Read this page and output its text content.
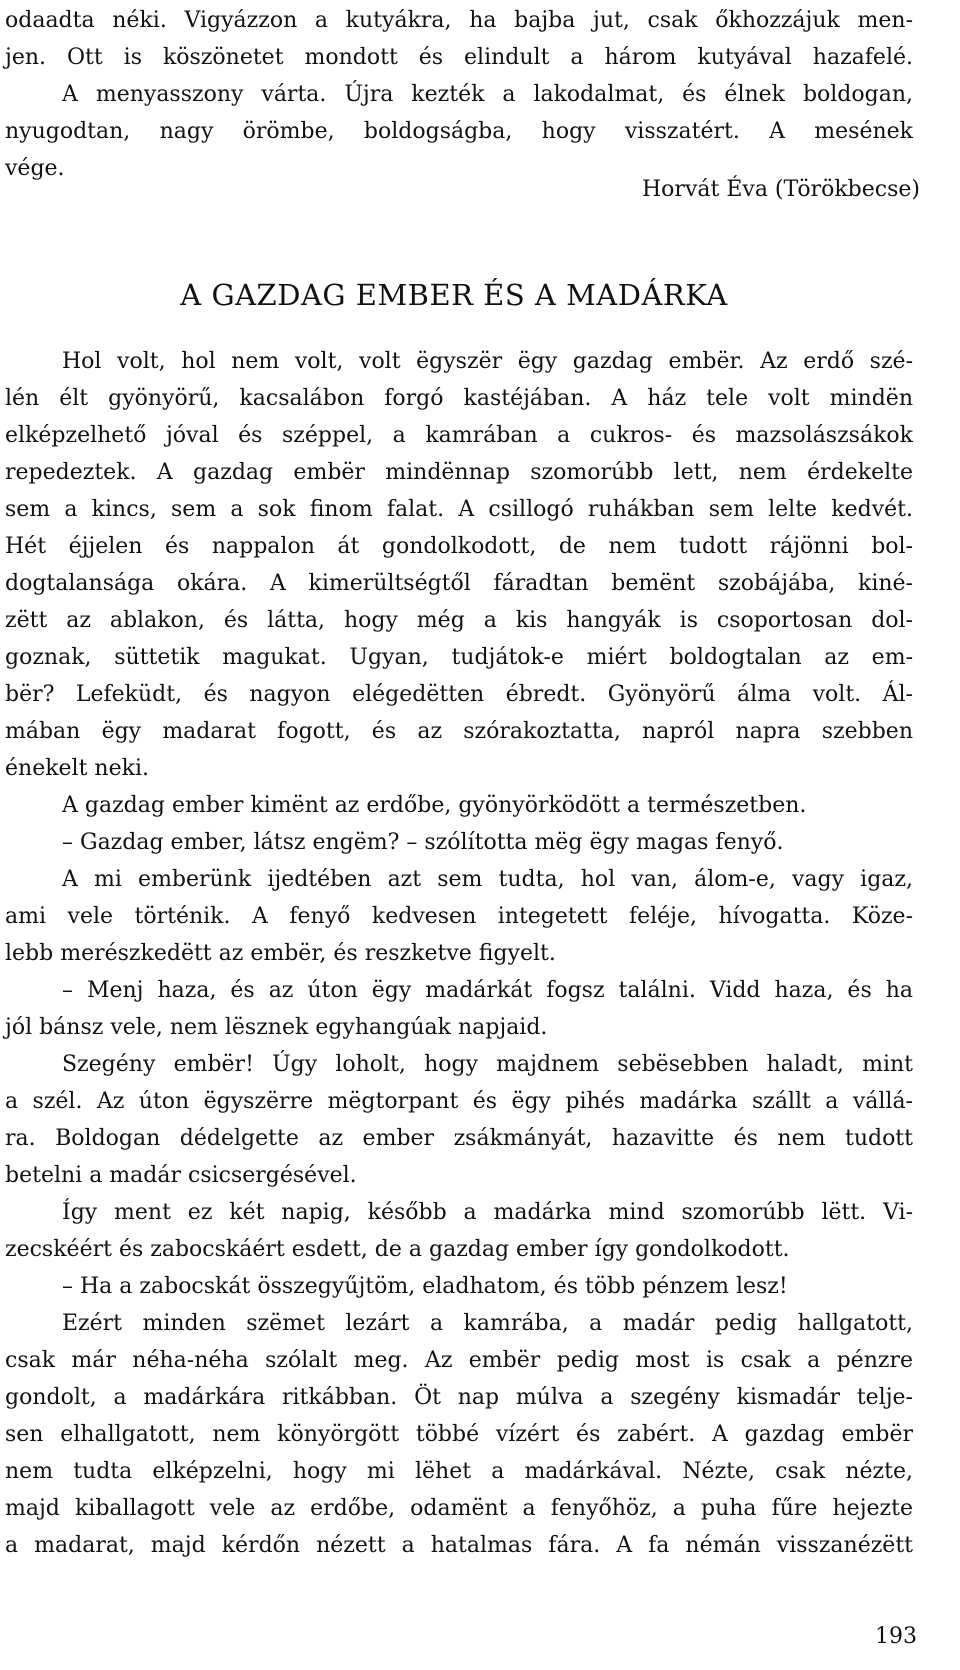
odaadta néki. Vigyázzon a kutyákra, ha bajba jut, csak őkhozzájuk men-
jen. Ott is köszönetet mondott és elindult a három kutyával hazafelé.
A menyasszony várta. Újra kezték a lakodalmat, és élnek boldogan,
nyugodtan, nagy örömbe, boldogságba, hogy visszatért. A mesének
vége.
Horvát Éva (Törökbecse)
A GAZDAG EMBER ÉS A MADÁRKA
Hol volt, hol nem volt, volt ëgyszër ëgy gazdag embër. Az erdő szé-
lén élt gyönyörű, kacsalábon forgó kastéjában. A ház tele volt mindën
elképzelhető jóval és széppel, a kamrában a cukros- és mazsolászsákok
repedeztek. A gazdag embër mindënnap szomorúbb lett, nem érdekelte
sem a kincs, sem a sok finom falat. A csillogó ruhákban sem lelte kedvét.
Hét éjjelen és nappalon át gondolkodott, de nem tudott rájönni bol-
dogtalansága okára. A kimerültségtől fáradtan bemënt szobájába, kiné-
zëtt az ablakon, és látta, hogy még a kis hangyák is csoportosan dol-
goznak, süttetik magukat. Ugyan, tudjátok-e miért boldogtalan az em-
bër? Lefeküdt, és nagyon elégedëtten ébredt. Gyönyörű álma volt. Ál-
mában ëgy madarat fogott, és az szórakoztatta, napról napra szebben
énekelt neki.
A gazdag ember kimënt az erdőbe, gyönyörködött a természetben.
– Gazdag ember, látsz engëm? – szólította mëg ëgy magas fenyő.
A mi emberünk ijedtében azt sem tudta, hol van, álom-e, vagy igaz,
ami vele történik. A fenyő kedvesen integetett feléje, hívogatta. Köze-
lebb merészkedëtt az embër, és reszketve figyelt.
– Menj haza, és az úton ëgy madárkát fogsz találni. Vidd haza, és ha
jól bánsz vele, nem lësznek egyhangúak napjaid.
Szegény embër! Úgy loholt, hogy majdnem sebësebben haladt, mint
a szél. Az úton ëgyszërre mëgtorpant és ëgy pihés madárka szállt a vállá-
ra. Boldogan dédelgette az ember zsákmányát, hazavitte és nem tudott
betelni a madár csicsergésével.
Így ment ez két napig, később a madárka mind szomorúbb lëtt. Vi-
zecskéért és zabocskáért esdett, de a gazdag ember így gondolkodott.
– Ha a zabocskát összegyűjtöm, eladhatom, és több pénzem lesz!
Ezért minden szëmet lezárt a kamrába, a madár pedig hallgatott,
csak már néha-néha szólalt meg. Az embër pedig most is csak a pénzre
gondolt, a madárkára ritkábban. Öt nap múlva a szegény kismadár telje-
sen elhallgatott, nem könyörgött többé vízért és zabért. A gazdag embër
nem tudta elképzelni, hogy mi lëhet a madárkával. Nézte, csak nézte,
majd kiballagott vele az erdőbe, odamënt a fenyőhöz, a puha fűre hejezte
a madarat, majd kérdőn nézett a hatalmas fára. A fa némán visszanézëtt
193
